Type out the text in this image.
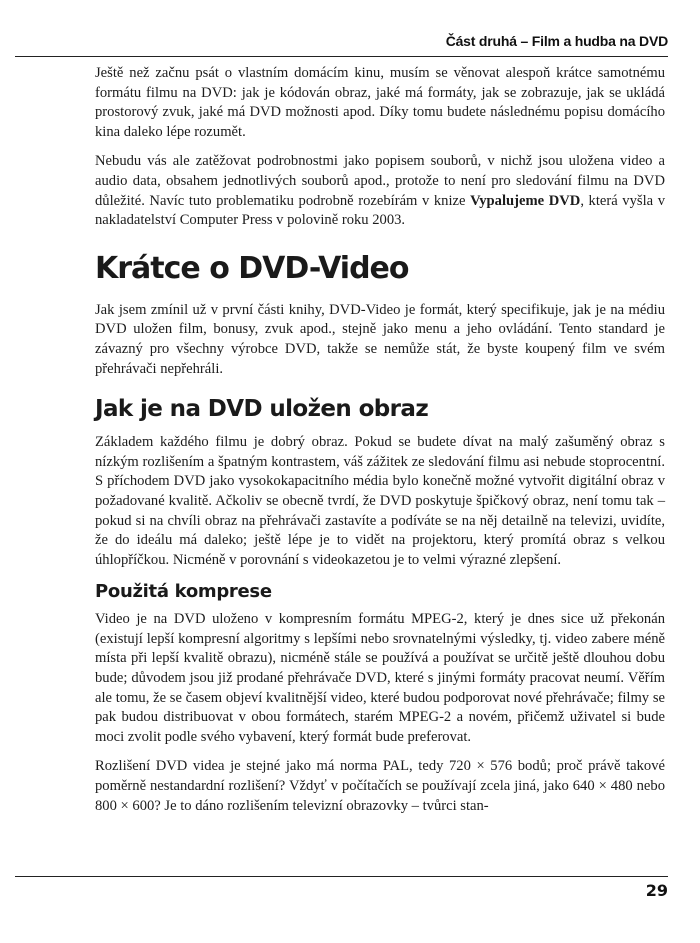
Část druhá – Film a hudba na DVD

Ještě než začnu psát o vlastním domácím kinu, musím se věnovat alespoň krátce samotnému formátu filmu na DVD: jak je kódován obraz, jaké má formáty, jak se zobrazuje, jak se ukládá prostorový zvuk, jaké má DVD možnosti apod. Díky tomu budete následnému popisu domácího kina daleko lépe rozumět.

Nebudu vás ale zatěžovat podrobnostmi jako popisem souborů, v nichž jsou uložena video a audio data, obsahem jednotlivých souborů apod., protože to není pro sledování filmu na DVD důležité. Navíc tuto problematiku podrobně rozebírám v knize Vypalujeme DVD, která vyšla v nakladatelství Computer Press v polovině roku 2003.

Krátce o DVD-Video

Jak jsem zmínil už v první části knihy, DVD-Video je formát, který specifikuje, jak je na médiu DVD uložen film, bonusy, zvuk apod., stejně jako menu a jeho ovládání. Tento standard je závazný pro všechny výrobce DVD, takže se nemůže stát, že byste koupený film ve svém přehrávači nepřehráli.

Jak je na DVD uložen obraz

Základem každého filmu je dobrý obraz. Pokud se budete dívat na malý zašuměný obraz s nízkým rozlišením a špatným kontrastem, váš zážitek ze sledování filmu asi nebude stoprocentní. S příchodem DVD jako vysokokapacitního média bylo konečně možné vytvořit digitální obraz v požadované kvalitě. Ačkoliv se obecně tvrdí, že DVD poskytuje špičkový obraz, není tomu tak – pokud si na chvíli obraz na přehrávači zastavíte a podíváte se na něj detailně na televizi, uvidíte, že do ideálu má daleko; ještě lépe je to vidět na projektoru, který promítá obraz s velkou úhlopříčkou. Nicméně v porovnání s videokazetou je to velmi výrazné zlepšení.

Použitá komprese

Video je na DVD uloženo v kompresním formátu MPEG-2, který je dnes sice už překonán (existují lepší kompresní algoritmy s lepšími nebo srovnatelnými výsledky, tj. video zabere méně místa při lepší kvalitě obrazu), nicméně stále se používá a používat se určitě ještě dlouhou dobu bude; důvodem jsou již prodané přehrávače DVD, které s jinými formáty pracovat neumí. Věřím ale tomu, že se časem objeví kvalitnější video, které budou podporovat nové přehrávače; filmy se pak budou distribuovat v obou formátech, starém MPEG-2 a novém, přičemž uživatel si bude moci zvolit podle svého vybavení, který formát bude preferovat.

Rozlišení DVD videa je stejné jako má norma PAL, tedy 720 × 576 bodů; proč právě takové poměrně nestandardní rozlišení? Vždyť v počítačích se používají zcela jiná, jako 640 × 480 nebo 800 × 600? Je to dáno rozlišením televizní obrazovky – tvůrci stan-

29
